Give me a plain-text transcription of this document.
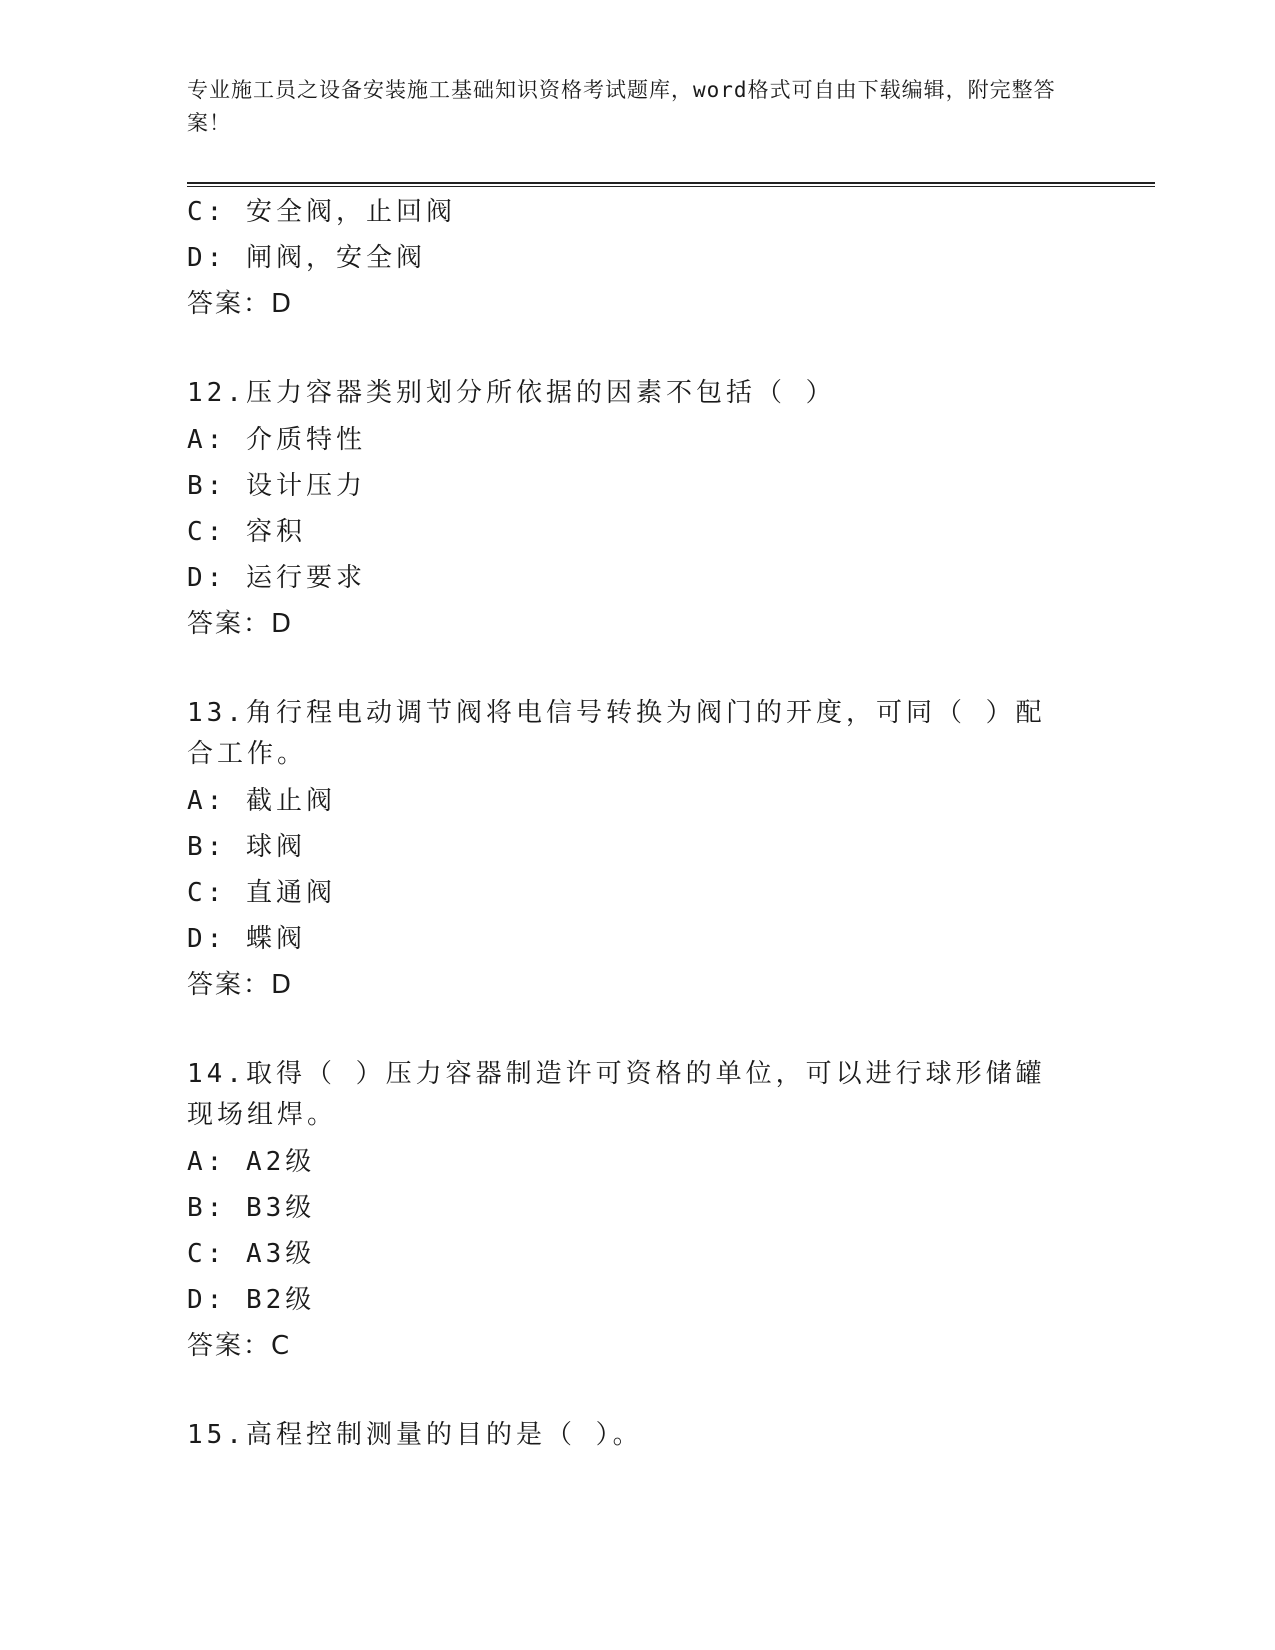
专业施工员之设备安装施工基础知识资格考试题库，word格式可自由下载编辑，附完整答案！

C: 安全阀，止回阀
D: 闸阀，安全阀
答案：D
12.压力容器类别划分所依据的因素不包括（ ）
A: 介质特性
B: 设计压力
C: 容积
D: 运行要求
答案：D
13.角行程电动调节阀将电信号转换为阀门的开度，可同（ ）配合工作。
A: 截止阀
B: 球阀
C: 直通阀
D: 蝶阀
答案：D
14.取得（ ）压力容器制造许可资格的单位，可以进行球形储罐现场组焊。
A: A2级
B: B3级
C: A3级
D: B2级
答案：C
15.高程控制测量的目的是（ ）。
